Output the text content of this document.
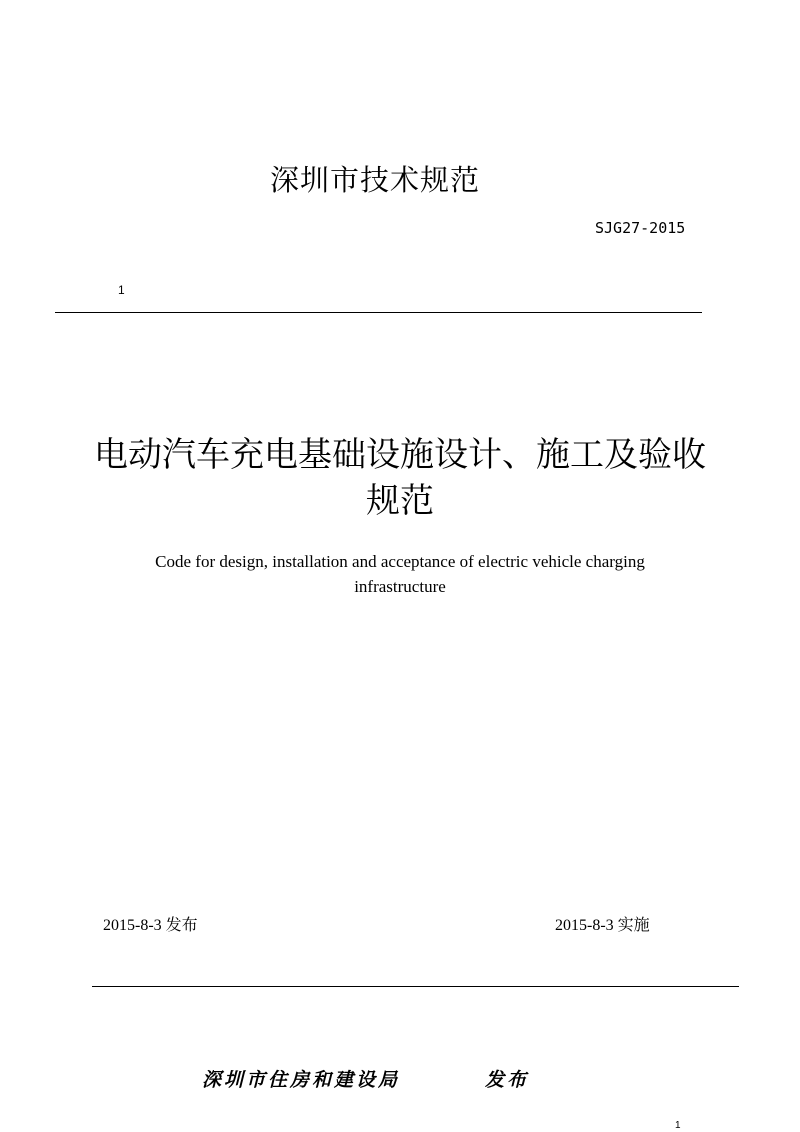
深圳市技术规范
SJG27-2015
1
电动汽车充电基础设施设计、施工及验收
规范
Code for design, installation and acceptance of electric vehicle charging
infrastructure
2015-8-3 发布	2015-8-3 实施
深圳市住房和建设局	发布
1
